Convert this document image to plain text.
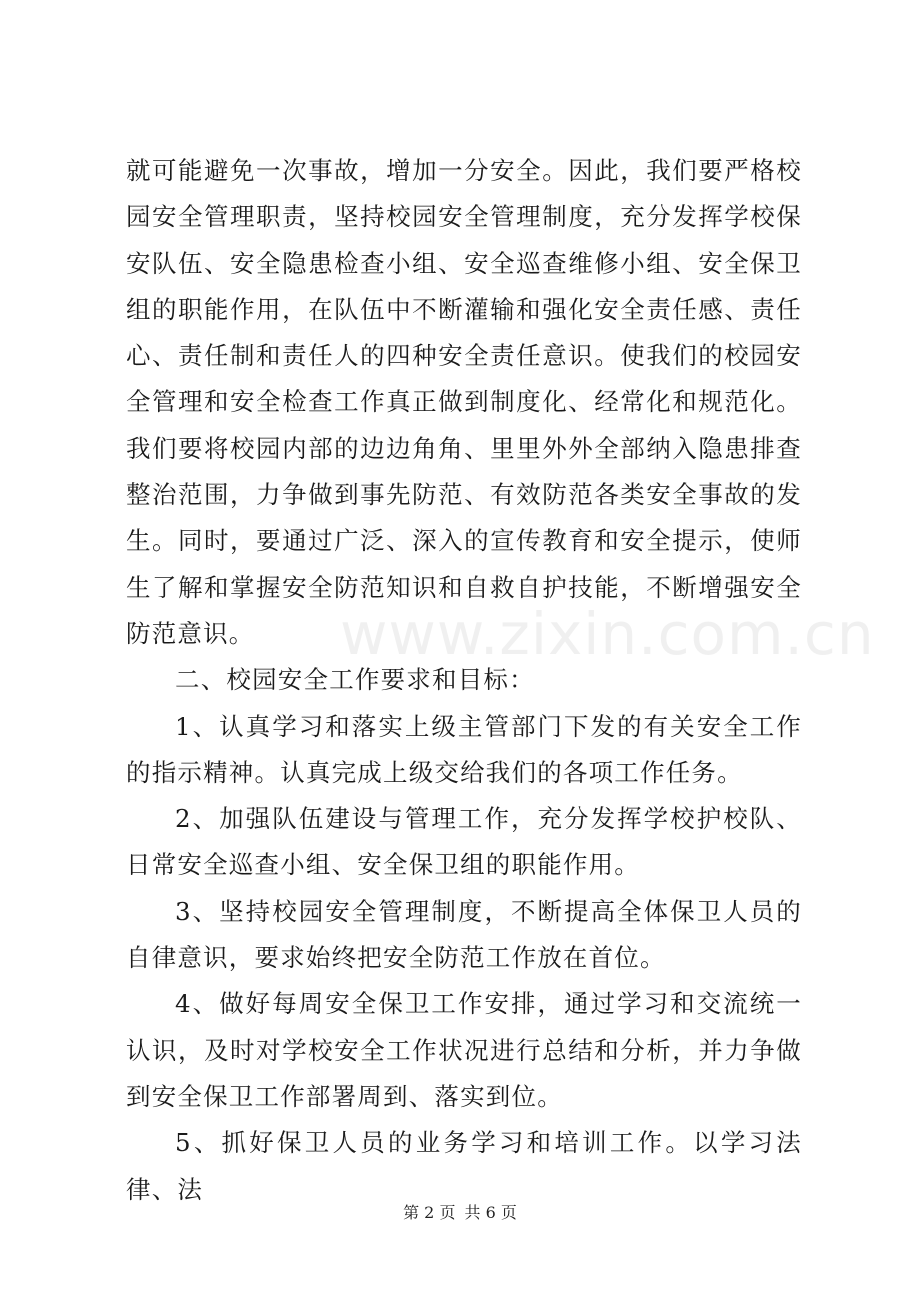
www.zixin.com.cn

就可能避免一次事故，增加一分安全。因此，我们要严格校园安全管理职责，坚持校园安全管理制度，充分发挥学校保安队伍、安全隐患检查小组、安全巡查维修小组、安全保卫组的职能作用，在队伍中不断灌输和强化安全责任感、责任心、责任制和责任人的四种安全责任意识。使我们的校园安全管理和安全检查工作真正做到制度化、经常化和规范化。我们要将校园内部的边边角角、里里外外全部纳入隐患排查整治范围，力争做到事先防范、有效防范各类安全事故的发生。同时，要通过广泛、深入的宣传教育和安全提示，使师生了解和掌握安全防范知识和自救自护技能，不断增强安全防范意识。

二、校园安全工作要求和目标：

1、认真学习和落实上级主管部门下发的有关安全工作的指示精神。认真完成上级交给我们的各项工作任务。

2、加强队伍建设与管理工作，充分发挥学校护校队、日常安全巡查小组、安全保卫组的职能作用。

3、坚持校园安全管理制度，不断提高全体保卫人员的自律意识，要求始终把安全防范工作放在首位。

4、做好每周安全保卫工作安排，通过学习和交流统一认识，及时对学校安全工作状况进行总结和分析，并力争做到安全保卫工作部署周到、落实到位。

5、抓好保卫人员的业务学习和培训工作。以学习法律、法

第 2 页 共 6 页
